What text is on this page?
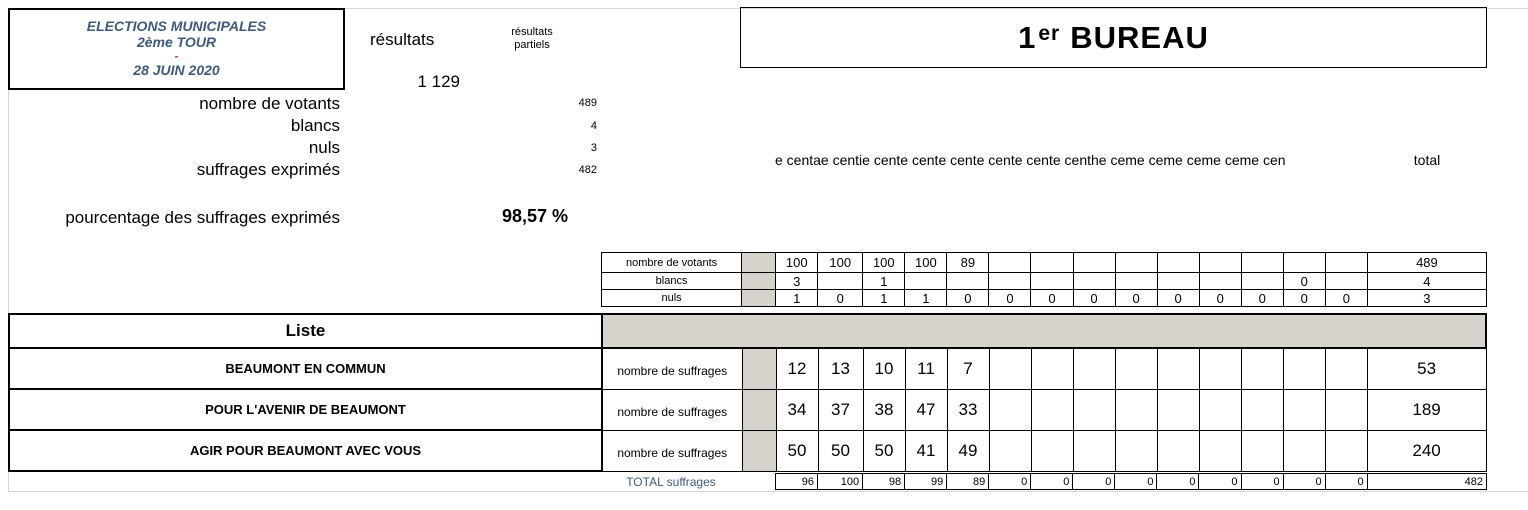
ELECTIONS MUNICIPALES
2ème TOUR
-
28 JUIN 2020
résultats	résultats
partiels
1 129
1er BUREAU
nombre de votants	489
blancs	4
nuls	3
suffrages exprimés	482
pourcentage des suffrages exprimés	98,57 %
e centae centie cente cente cente cente cente centhe ceme ceme ceme ceme cen	total
nombre de votants		100	100	100	100	89										489
blancs		3		1										0		4
nuls		1	0	1	1	0	0	0	0	0	0	0	0	0	0	3
Liste																	
BEAUMONT EN COMMUN	nombre de suffrages		12	13	10	11	7										53
POUR L'AVENIR DE BEAUMONT	nombre de suffrages		34	37	38	47	33										189
AGIR POUR BEAUMONT AVEC VOUS	nombre de suffrages		50	50	50	41	49										240
TOTAL suffrages	96	100	98	99	89	0	0	0	0	0	0	0	0	0	482
